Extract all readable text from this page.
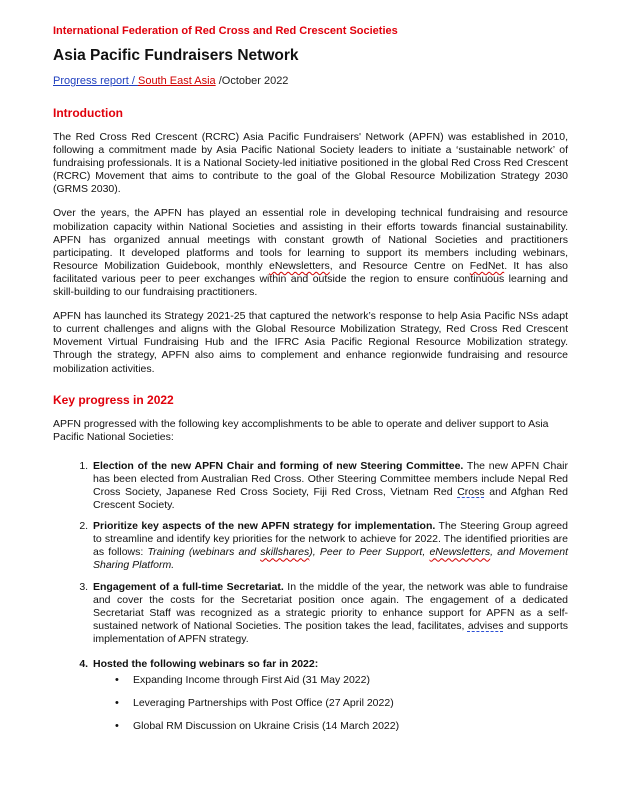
International Federation of Red Cross and Red Crescent Societies
Asia Pacific Fundraisers Network
Progress report / South East Asia /October 2022
Introduction

The Red Cross Red Crescent (RCRC) Asia Pacific Fundraisers' Network (APFN) was established in 2010, following a commitment made by Asia Pacific National Society leaders to initiate a ‘sustainable network’ of fundraising professionals. It is a National Society-led initiative positioned in the global Red Cross Red Crescent (RCRC) Movement that aims to contribute to the goal of the Global Resource Mobilization Strategy 2030 (GRMS 2030).

Over the years, the APFN has played an essential role in developing technical fundraising and resource mobilization capacity within National Societies and assisting in their efforts towards financial sustainability. APFN has organized annual meetings with constant growth of National Societies and practitioners participating. It developed platforms and tools for learning to support its members including webinars, Resource Mobilization Guidebook, monthly eNewsletters, and Resource Centre on FedNet. It has also facilitated various peer to peer exchanges within and outside the region to ensure continuous learning and skill-building to our fundraising practitioners.

APFN has launched its Strategy 2021-25 that captured the network’s response to help Asia Pacific NSs adapt to current challenges and aligns with the Global Resource Mobilization Strategy, Red Cross Red Crescent Movement Virtual Fundraising Hub and the IFRC Asia Pacific Regional Resource Mobilization strategy. Through the strategy, APFN also aims to complement and enhance regionwide fundraising and resource mobilization activities.

Key progress in 2022

APFN progressed with the following key accomplishments to be able to operate and deliver support to Asia Pacific National Societies:

1. Election of the new APFN Chair and forming of new Steering Committee. The new APFN Chair has been elected from Australian Red Cross. Other Steering Committee members include Nepal Red Cross Society, Japanese Red Cross Society, Fiji Red Cross, Vietnam Red Cross and Afghan Red Crescent Society.
2. Prioritize key aspects of the new APFN strategy for implementation. The Steering Group agreed to streamline and identify key priorities for the network to achieve for 2022. The identified priorities are as follows: Training (webinars and skillshares), Peer to Peer Support, eNewsletters, and Movement Sharing Platform.
3. Engagement of a full-time Secretariat. In the middle of the year, the network was able to fundraise and cover the costs for the Secretariat position once again. The engagement of a dedicated Secretariat Staff was recognized as a strategic priority to enhance support for APFN as a self-sustained network of National Societies. The position takes the lead, facilitates, advises and supports implementation of APFN strategy.
4. Hosted the following webinars so far in 2022:
• Expanding Income through First Aid (31 May 2022)
• Leveraging Partnerships with Post Office (27 April 2022)
• Global RM Discussion on Ukraine Crisis (14 March 2022)
